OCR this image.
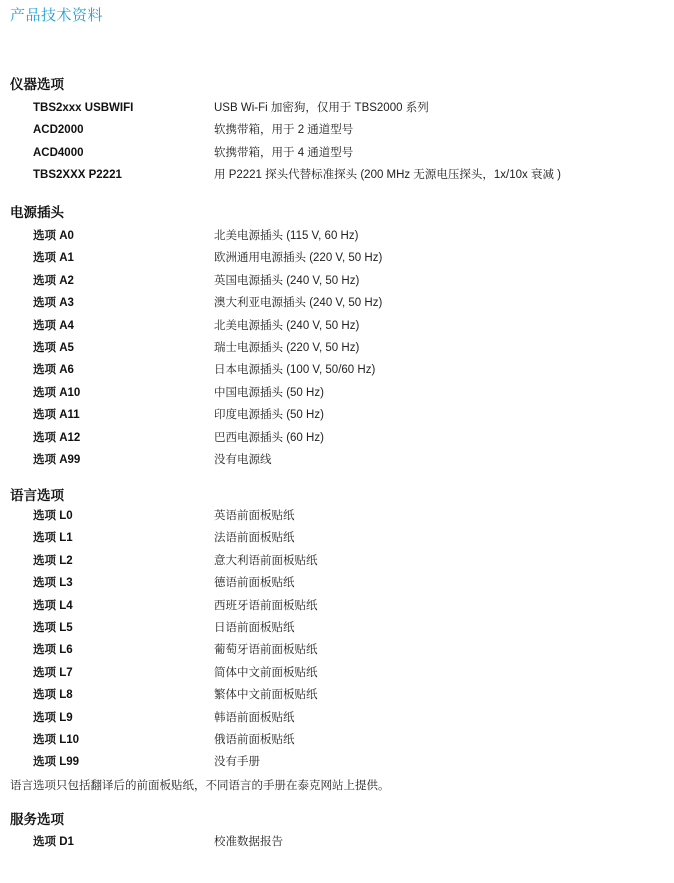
产品技术资料
仪器选项
TBS2xxx USBWIFI	USB Wi-Fi 加密狗，仅用于 TBS2000 系列
ACD2000	软携带箱，用于 2 通道型号
ACD4000	软携带箱，用于 4 通道型号
TBS2XXX P2221	用 P2221 探头代替标准探头 (200 MHz 无源电压探头，1x/10x 衰减 )
电源插头
选项 A0	北美电源插头 (115 V, 60 Hz)
选项 A1	欧洲通用电源插头 (220 V, 50 Hz)
选项 A2	英国电源插头 (240 V, 50 Hz)
选项 A3	澳大利亚电源插头 (240 V, 50 Hz)
选项 A4	北美电源插头 (240 V, 50 Hz)
选项 A5	瑞士电源插头 (220 V, 50 Hz)
选项 A6	日本电源插头 (100 V, 50/60 Hz)
选项 A10	中国电源插头 (50 Hz)
选项 A11	印度电源插头 (50 Hz)
选项 A12	巴西电源插头 (60 Hz)
选项 A99	没有电源线
语言选项
选项 L0	英语前面板贴纸
选项 L1	法语前面板贴纸
选项 L2	意大利语前面板贴纸
选项 L3	德语前面板贴纸
选项 L4	西班牙语前面板贴纸
选项 L5	日语前面板贴纸
选项 L6	葡萄牙语前面板贴纸
选项 L7	简体中文前面板贴纸
选项 L8	繁体中文前面板贴纸
选项 L9	韩语前面板贴纸
选项 L10	俄语前面板贴纸
选项 L99	没有手册
语言选项只包括翻译后的前面板贴纸，不同语言的手册在泰克网站上提供。
服务选项
选项 D1	校准数据报告
